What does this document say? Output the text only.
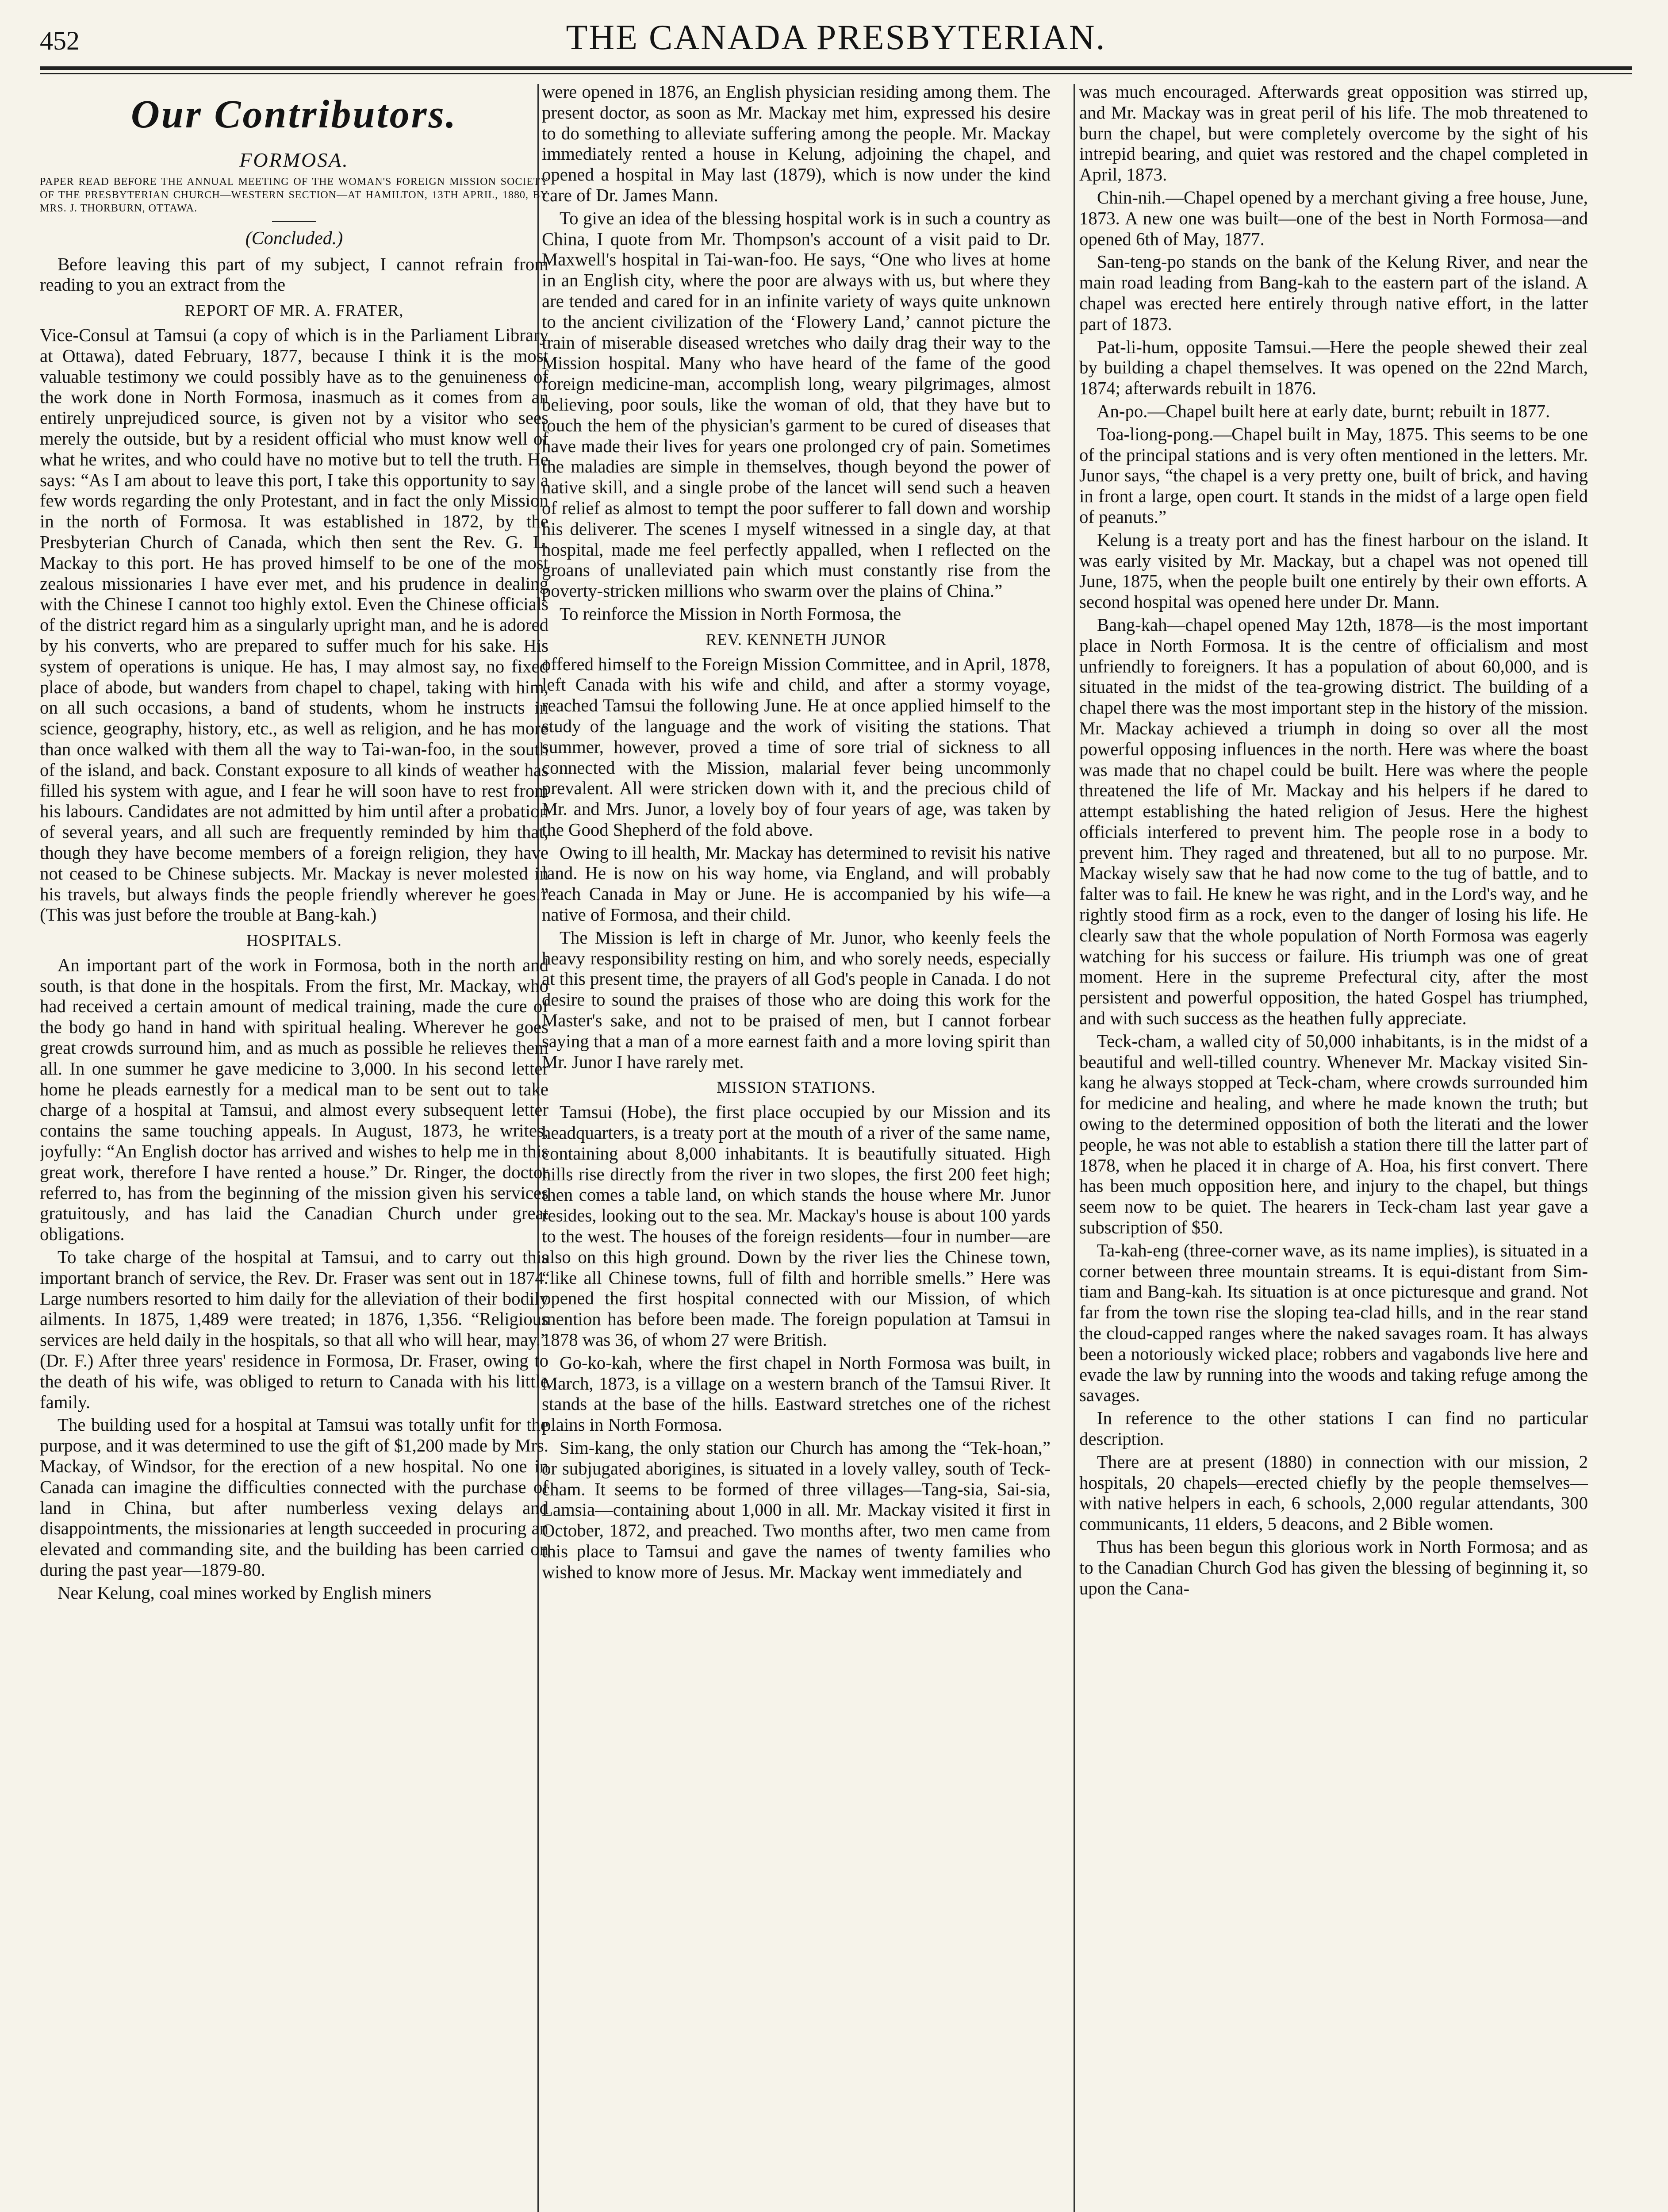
452	THE CANADA PRESBYTERIAN.
Our Contributors.
FORMOSA.
PAPER READ BEFORE THE ANNUAL MEETING OF THE WOMAN'S FOREIGN MISSION SOCIETY OF THE PRESBYTERIAN CHURCH—WESTERN SECTION—AT HAMILTON, 13TH APRIL, 1880, BY MRS. J. THORBURN, OTTAWA.
(Concluded.)

Before leaving this part of my subject, I cannot refrain from reading to you an extract from the

REPORT OF MR. A. FRATER,

Vice-Consul at Tamsui (a copy of which is in the Parliament Library at Ottawa), dated February, 1877, because I think it is the most valuable testimony we could possibly have as to the genuineness of the work done in North Formosa, inasmuch as it comes from an entirely unprejudiced source, is given not by a visitor who sees merely the outside, but by a resident official who must know well of what he writes, and who could have no motive but to tell the truth. He says: “As I am about to leave this port, I take this opportunity to say a few words regarding the only Protestant, and in fact the only Mission in the north of Formosa. It was established in 1872, by the Presbyterian Church of Canada, which then sent the Rev. G. L. Mackay to this port. He has proved himself to be one of the most zealous missionaries I have ever met, and his prudence in dealing with the Chinese I cannot too highly extol. Even the Chinese officials of the district regard him as a singularly upright man, and he is adored by his converts, who are prepared to suffer much for his sake. His system of operations is unique. He has, I may almost say, no fixed place of abode, but wanders from chapel to chapel, taking with him, on all such occasions, a band of students, whom he instructs in science, geography, history, etc., as well as religion, and he has more than once walked with them all the way to Tai-wan-foo, in the south of the island, and back. Constant exposure to all kinds of weather has filled his system with ague, and I fear he will soon have to rest from his labours. Candidates are not admitted by him until after a probation of several years, and all such are frequently reminded by him that, though they have become members of a foreign religion, they have not ceased to be Chinese subjects. Mr. Mackay is never molested in his travels, but always finds the people friendly wherever he goes.” (This was just before the trouble at Bang-kah.)

HOSPITALS.

An important part of the work in Formosa, both in the north and south, is that done in the hospitals. From the first, Mr. Mackay, who had received a certain amount of medical training, made the cure of the body go hand in hand with spiritual healing. Wherever he goes great crowds surround him, and as much as possible he relieves them all. In one summer he gave medicine to 3,000. In his second letter home he pleads earnestly for a medical man to be sent out to take charge of a hospital at Tamsui, and almost every subsequent letter contains the same touching appeals. In August, 1873, he writes, joyfully: “An English doctor has arrived and wishes to help me in this great work, therefore I have rented a house.” Dr. Ringer, the doctor referred to, has from the beginning of the mission given his services gratuitously, and has laid the Canadian Church under great obligations.

To take charge of the hospital at Tamsui, and to carry out this important branch of service, the Rev. Dr. Fraser was sent out in 1874. Large numbers resorted to him daily for the alleviation of their bodily ailments. In 1875, 1,489 were treated; in 1876, 1,356. “Religious services are held daily in the hospitals, so that all who will hear, may.” (Dr. F.) After three years' residence in Formosa, Dr. Fraser, owing to the death of his wife, was obliged to return to Canada with his little family.

The building used for a hospital at Tamsui was totally unfit for the purpose, and it was determined to use the gift of $1,200 made by Mrs. Mackay, of Windsor, for the erection of a new hospital. No one in Canada can imagine the difficulties connected with the purchase of land in China, but after numberless vexing delays and disappointments, the missionaries at length succeeded in procuring an elevated and commanding site, and the building has been carried on during the past year—1879-80.

Near Kelung, coal mines worked by English miners

were opened in 1876, an English physician residing among them. The present doctor, as soon as Mr. Mackay met him, expressed his desire to do something to alleviate suffering among the people. Mr. Mackay immediately rented a house in Kelung, adjoining the chapel, and opened a hospital in May last (1879), which is now under the kind care of Dr. James Mann.

To give an idea of the blessing hospital work is in such a country as China, I quote from Mr. Thompson's account of a visit paid to Dr. Maxwell's hospital in Tai-wan-foo. He says, “One who lives at home in an English city, where the poor are always with us, but where they are tended and cared for in an infinite variety of ways quite unknown to the ancient civilization of the ‘Flowery Land,’ cannot picture the train of miserable diseased wretches who daily drag their way to the Mission hospital. Many who have heard of the fame of the good foreign medicine-man, accomplish long, weary pilgrimages, almost believing, poor souls, like the woman of old, that they have but to touch the hem of the physician's garment to be cured of diseases that have made their lives for years one prolonged cry of pain. Sometimes the maladies are simple in themselves, though beyond the power of native skill, and a single probe of the lancet will send such a heaven of relief as almost to tempt the poor sufferer to fall down and worship his deliverer. The scenes I myself witnessed in a single day, at that hospital, made me feel perfectly appalled, when I reflected on the groans of unalleviated pain which must constantly rise from the poverty-stricken millions who swarm over the plains of China.”

To reinforce the Mission in North Formosa, the

REV. KENNETH JUNOR

offered himself to the Foreign Mission Committee, and in April, 1878, left Canada with his wife and child, and after a stormy voyage, reached Tamsui the following June. He at once applied himself to the study of the language and the work of visiting the stations. That summer, however, proved a time of sore trial of sickness to all connected with the Mission, malarial fever being uncommonly prevalent. All were stricken down with it, and the precious child of Mr. and Mrs. Junor, a lovely boy of four years of age, was taken by the Good Shepherd of the fold above.

Owing to ill health, Mr. Mackay has determined to revisit his native land. He is now on his way home, via England, and will probably reach Canada in May or June. He is accompanied by his wife—a native of Formosa, and their child.

The Mission is left in charge of Mr. Junor, who keenly feels the heavy responsibility resting on him, and who sorely needs, especially at this present time, the prayers of all God's people in Canada. I do not desire to sound the praises of those who are doing this work for the Master's sake, and not to be praised of men, but I cannot forbear saying that a man of a more earnest faith and a more loving spirit than Mr. Junor I have rarely met.

MISSION STATIONS.

Tamsui (Hobe), the first place occupied by our Mission and its headquarters, is a treaty port at the mouth of a river of the same name, containing about 8,000 inhabitants. It is beautifully situated. High hills rise directly from the river in two slopes, the first 200 feet high; then comes a table land, on which stands the house where Mr. Junor resides, looking out to the sea. Mr. Mackay's house is about 100 yards to the west. The houses of the foreign residents—four in number—are also on this high ground. Down by the river lies the Chinese town, “like all Chinese towns, full of filth and horrible smells.” Here was opened the first hospital connected with our Mission, of which mention has before been made. The foreign population at Tamsui in 1878 was 36, of whom 27 were British.

Go-ko-kah, where the first chapel in North Formosa was built, in March, 1873, is a village on a western branch of the Tamsui River. It stands at the base of the hills. Eastward stretches one of the richest plains in North Formosa.

Sim-kang, the only station our Church has among the “Tek-hoan,” or subjugated aborigines, is situated in a lovely valley, south of Teck-cham. It seems to be formed of three villages—Tang-sia, Sai-sia, Lamsia—containing about 1,000 in all. Mr. Mackay visited it first in October, 1872, and preached. Two months after, two men came from this place to Tamsui and gave the names of twenty families who wished to know more of Jesus. Mr. Mackay went immediately and

was much encouraged. Afterwards great opposition was stirred up, and Mr. Mackay was in great peril of his life. The mob threatened to burn the chapel, but were completely overcome by the sight of his intrepid bearing, and quiet was restored and the chapel completed in April, 1873.

Chin-nih.—Chapel opened by a merchant giving a free house, June, 1873. A new one was built—one of the best in North Formosa—and opened 6th of May, 1877.

San-teng-po stands on the bank of the Kelung River, and near the main road leading from Bang-kah to the eastern part of the island. A chapel was erected here entirely through native effort, in the latter part of 1873.

Pat-li-hum, opposite Tamsui.—Here the people shewed their zeal by building a chapel themselves. It was opened on the 22nd March, 1874; afterwards rebuilt in 1876.

An-po.—Chapel built here at early date, burnt; rebuilt in 1877.

Toa-liong-pong.—Chapel built in May, 1875. This seems to be one of the principal stations and is very often mentioned in the letters. Mr. Junor says, “the chapel is a very pretty one, built of brick, and having in front a large, open court. It stands in the midst of a large open field of peanuts.”

Kelung is a treaty port and has the finest harbour on the island. It was early visited by Mr. Mackay, but a chapel was not opened till June, 1875, when the people built one entirely by their own efforts. A second hospital was opened here under Dr. Mann.

Bang-kah—chapel opened May 12th, 1878—is the most important place in North Formosa. It is the centre of officialism and most unfriendly to foreigners. It has a population of about 60,000, and is situated in the midst of the tea-growing district. The building of a chapel there was the most important step in the history of the mission. Mr. Mackay achieved a triumph in doing so over all the most powerful opposing influences in the north. Here was where the boast was made that no chapel could be built. Here was where the people threatened the life of Mr. Mackay and his helpers if he dared to attempt establishing the hated religion of Jesus. Here the highest officials interfered to prevent him. The people rose in a body to prevent him. They raged and threatened, but all to no purpose. Mr. Mackay wisely saw that he had now come to the tug of battle, and to falter was to fail. He knew he was right, and in the Lord's way, and he rightly stood firm as a rock, even to the danger of losing his life. He clearly saw that the whole population of North Formosa was eagerly watching for his success or failure. His triumph was one of great moment. Here in the supreme Prefectural city, after the most persistent and powerful opposition, the hated Gospel has triumphed, and with such success as the heathen fully appreciate.

Teck-cham, a walled city of 50,000 inhabitants, is in the midst of a beautiful and well-tilled country. Whenever Mr. Mackay visited Sin-kang he always stopped at Teck-cham, where crowds surrounded him for medicine and healing, and where he made known the truth; but owing to the determined opposition of both the literati and the lower people, he was not able to establish a station there till the latter part of 1878, when he placed it in charge of A. Hoa, his first convert. There has been much opposition here, and injury to the chapel, but things seem now to be quiet. The hearers in Teck-cham last year gave a subscription of $50.

Ta-kah-eng (three-corner wave, as its name implies), is situated in a corner between three mountain streams. It is equi-distant from Sim-tiam and Bang-kah. Its situation is at once picturesque and grand. Not far from the town rise the sloping tea-clad hills, and in the rear stand the cloud-capped ranges where the naked savages roam. It has always been a notoriously wicked place; robbers and vagabonds live here and evade the law by running into the woods and taking refuge among the savages.

In reference to the other stations I can find no particular description.

There are at present (1880) in connection with our mission, 2 hospitals, 20 chapels—erected chiefly by the people themselves—with native helpers in each, 6 schools, 2,000 regular attendants, 300 communicants, 11 elders, 5 deacons, and 2 Bible women.

Thus has been begun this glorious work in North Formosa; and as to the Canadian Church God has given the blessing of beginning it, so upon the Cana-
